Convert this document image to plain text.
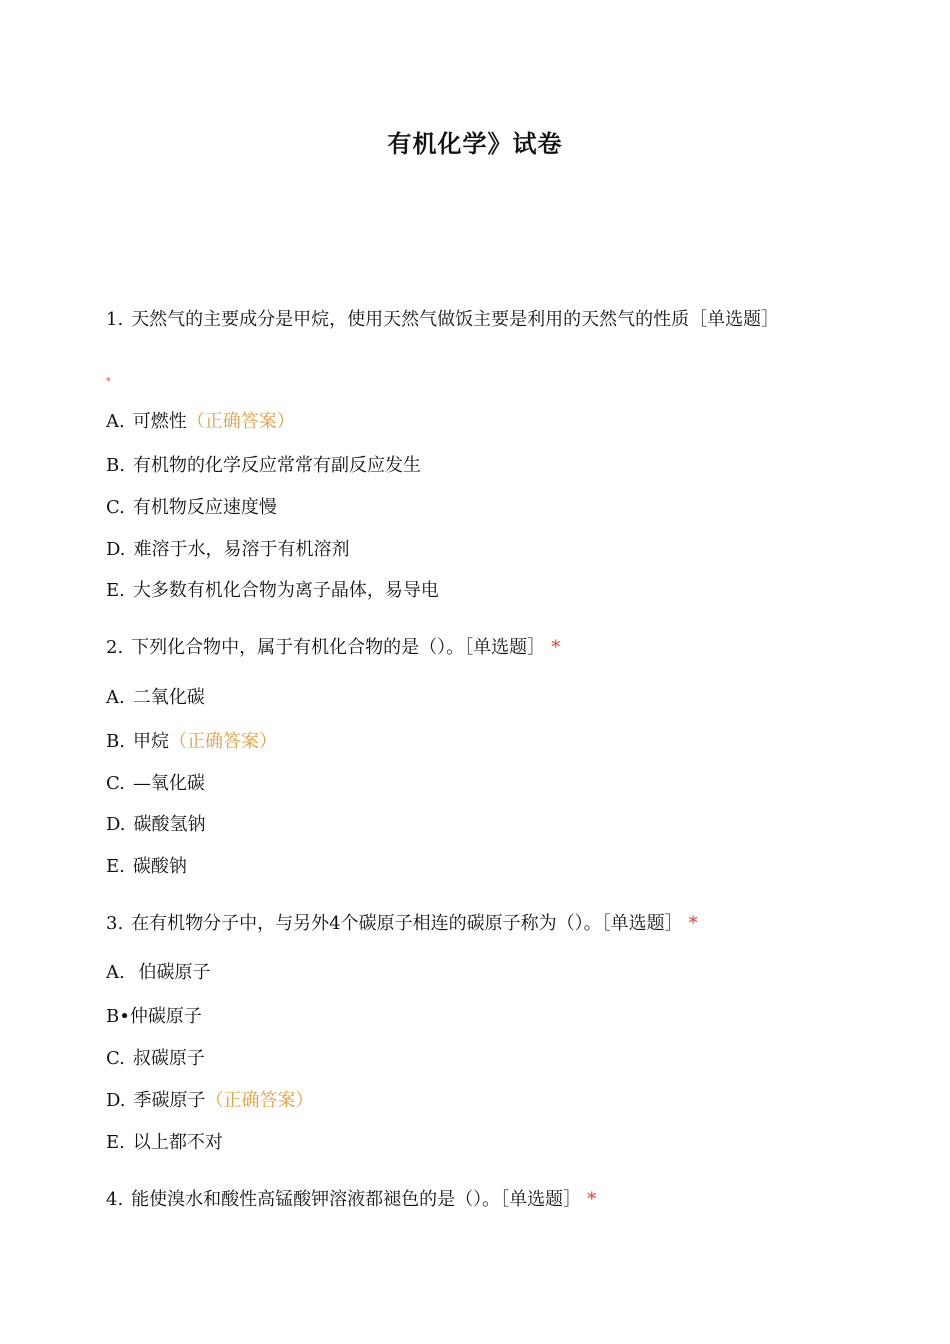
有机化学》试卷
1. 天然气的主要成分是甲烷，使用天然气做饭主要是利用的天然气的性质［单选题］
*
A. 可燃性（正确答案）
B. 有机物的化学反应常常有副反应发生
C. 有机物反应速度慢
D. 难溶于水，易溶于有机溶剂
E. 大多数有机化合物为离子晶体，易导电
2. 下列化合物中，属于有机化合物的是（）。［单选题］ *
A. 二氧化碳
B. 甲烷（正确答案）
C. —氧化碳
D. 碳酸氢钠
E. 碳酸钠
3. 在有机物分子中，与另外4个碳原子相连的碳原子称为（）。［单选题］ *
A. 伯碳原子
B•仲碳原子
C. 叔碳原子
D. 季碳原子（正确答案）
E. 以上都不对
4. 能使溴水和酸性高锰酸钾溶液都褪色的是（）。［单选题］ *
